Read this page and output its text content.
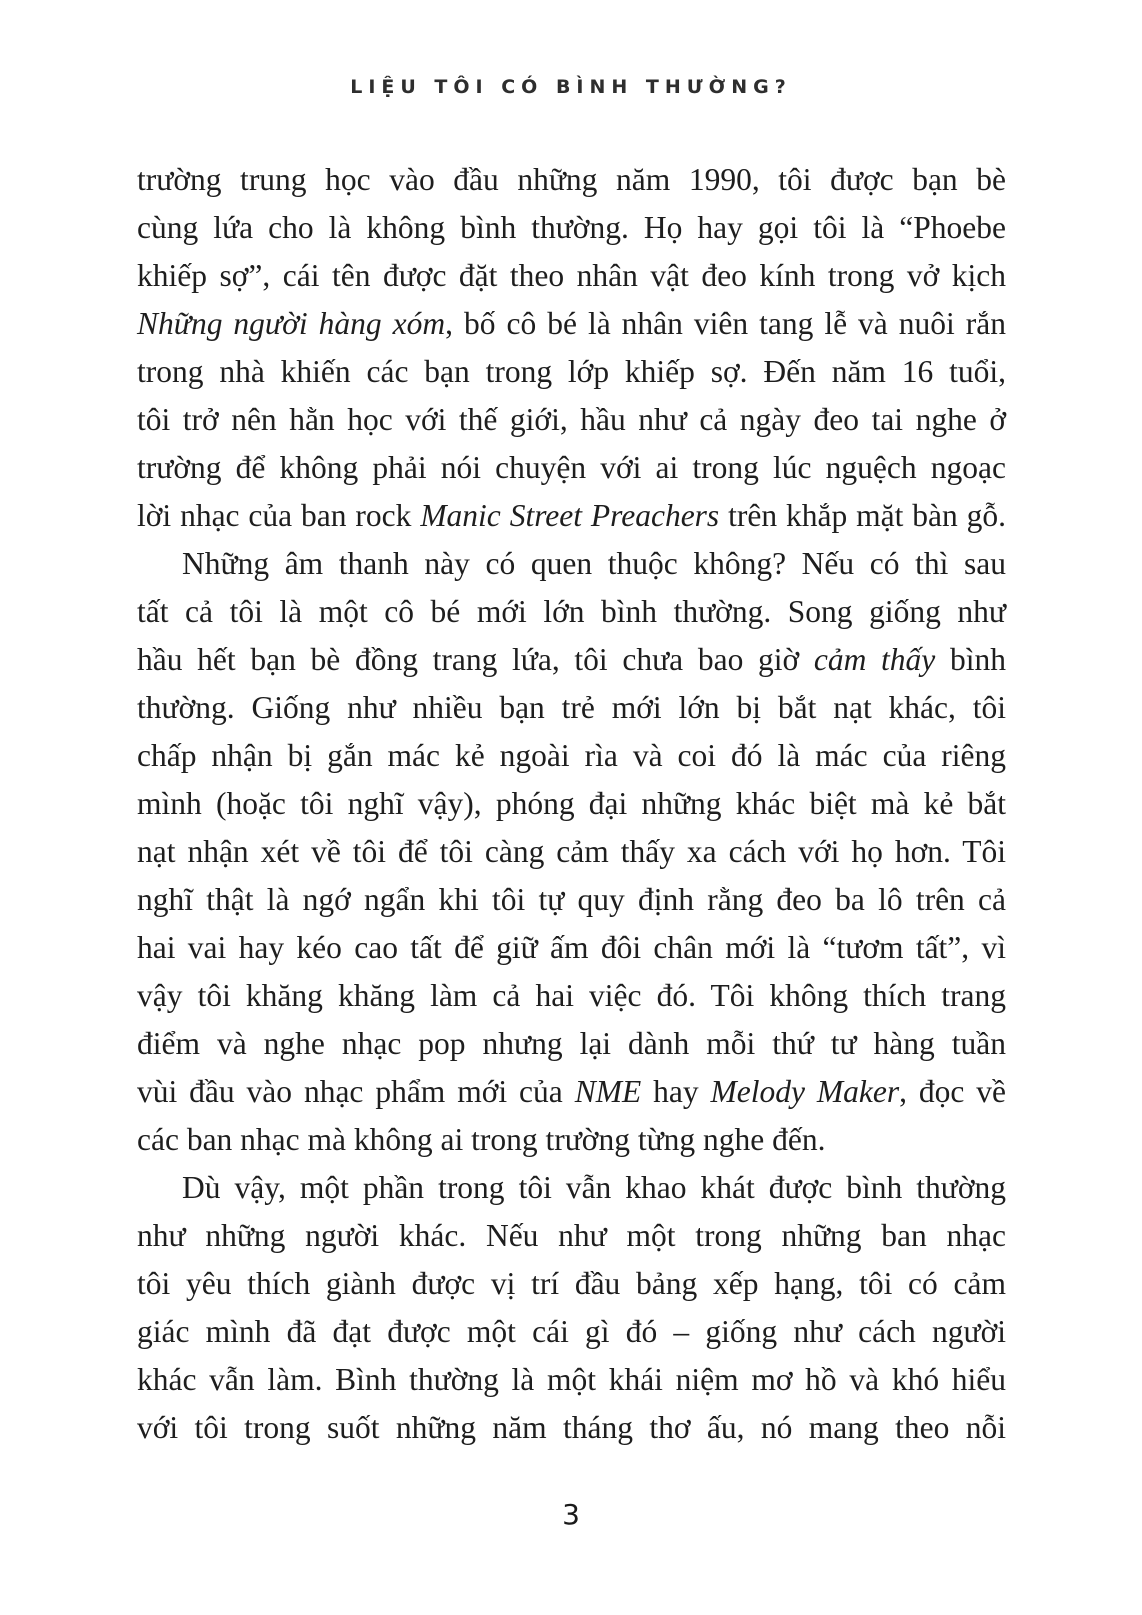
LIỆU TÔI CÓ BÌNH THƯỜNG?
trường trung học vào đầu những năm 1990, tôi được bạn bè
cùng lứa cho là không bình thường. Họ hay gọi tôi là “Phoebe
khiếp sợ”, cái tên được đặt theo nhân vật đeo kính trong vở kịch
Những người hàng xóm, bố cô bé là nhân viên tang lễ và nuôi rắn
trong nhà khiến các bạn trong lớp khiếp sợ. Đến năm 16 tuổi,
tôi trở nên hằn học với thế giới, hầu như cả ngày đeo tai nghe ở
trường để không phải nói chuyện với ai trong lúc nguệch ngoạc
lời nhạc của ban rock Manic Street Preachers trên khắp mặt bàn gỗ.
Những âm thanh này có quen thuộc không? Nếu có thì sau
tất cả tôi là một cô bé mới lớn bình thường. Song giống như
hầu hết bạn bè đồng trang lứa, tôi chưa bao giờ cảm thấy bình
thường. Giống như nhiều bạn trẻ mới lớn bị bắt nạt khác, tôi
chấp nhận bị gắn mác kẻ ngoài rìa và coi đó là mác của riêng
mình (hoặc tôi nghĩ vậy), phóng đại những khác biệt mà kẻ bắt
nạt nhận xét về tôi để tôi càng cảm thấy xa cách với họ hơn. Tôi
nghĩ thật là ngớ ngẩn khi tôi tự quy định rằng đeo ba lô trên cả
hai vai hay kéo cao tất để giữ ấm đôi chân mới là “tươm tất”, vì
vậy tôi khăng khăng làm cả hai việc đó. Tôi không thích trang
điểm và nghe nhạc pop nhưng lại dành mỗi thứ tư hàng tuần
vùi đầu vào nhạc phẩm mới của NME hay Melody Maker, đọc về
các ban nhạc mà không ai trong trường từng nghe đến.
Dù vậy, một phần trong tôi vẫn khao khát được bình thường
như những người khác. Nếu như một trong những ban nhạc
tôi yêu thích giành được vị trí đầu bảng xếp hạng, tôi có cảm
giác mình đã đạt được một cái gì đó – giống như cách người
khác vẫn làm. Bình thường là một khái niệm mơ hồ và khó hiểu
với tôi trong suốt những năm tháng thơ ấu, nó mang theo nỗi
3
